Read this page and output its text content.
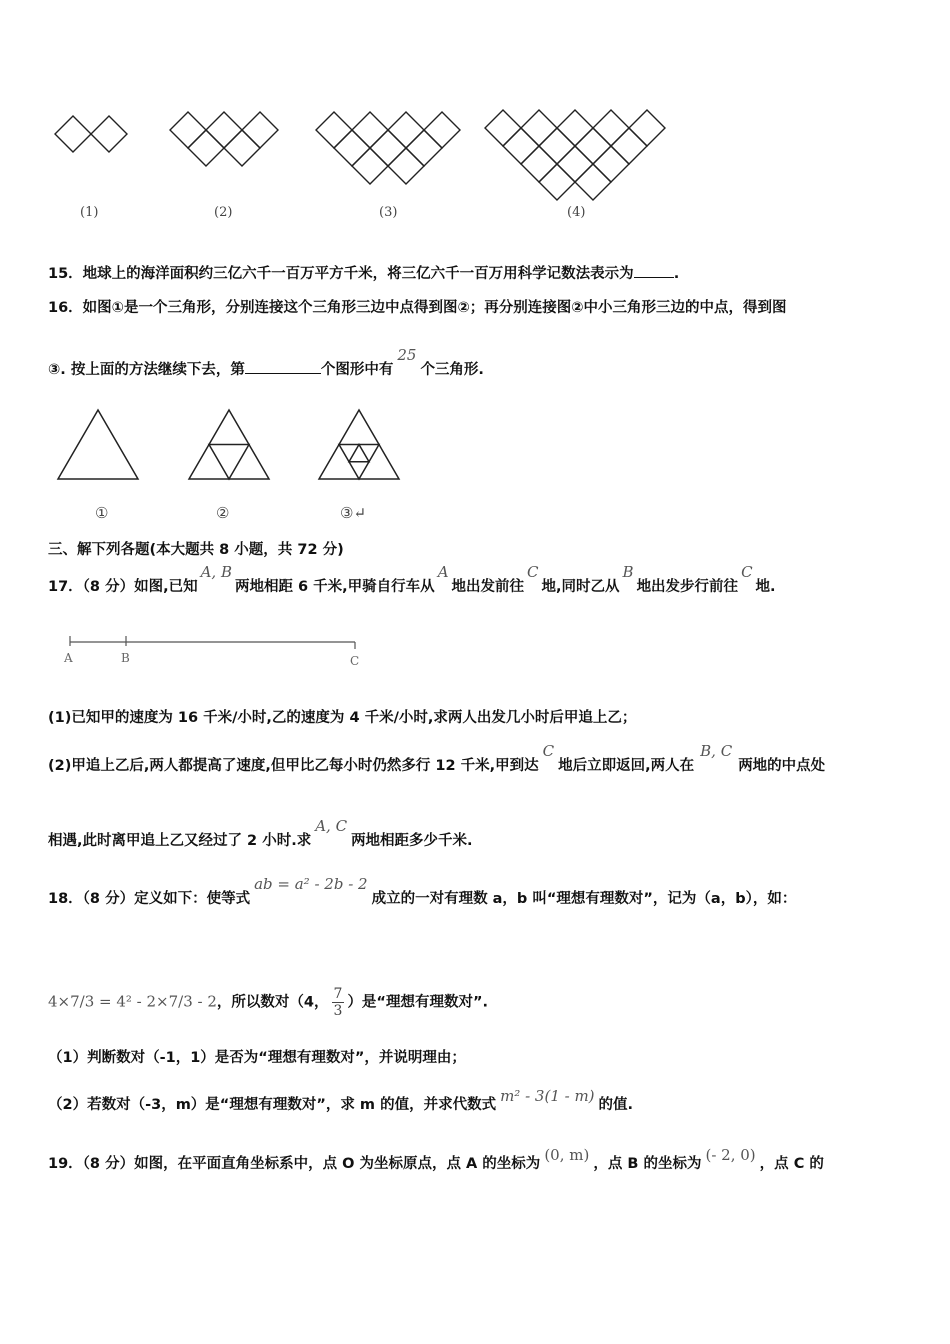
(1)	(2)	(3)	(4)
15．地球上的海洋面积约三亿六千一百万平方千米，将三亿六千一百万用科学记数法表示为	.
16．如图①是一个三角形，分别连接这个三角形三边中点得到图②；再分别连接图②中小三角形三边的中点，得到图
③. 按上面的方法继续下去，第	个图形中有25个三角形.
①	②	③↵
三、解下列各题(本大题共 8 小题，共 72 分)
17．（8 分）如图,已知A, B两地相距 6 千米,甲骑自行车从A地出发前往C地,同时乙从B地出发步行前往C地.
A	B	C
(1)已知甲的速度为 16 千米/小时,乙的速度为 4 千米/小时,求两人出发几小时后甲追上乙；
(2)甲追上乙后,两人都提高了速度,但甲比乙每小时仍然多行 12 千米,甲到达C地后立即返回,两人在B, C两地的中点处
相遇,此时离甲追上乙又经过了 2 小时.求A, C两地相距多少千米.
18．（8 分）定义如下：使等式ab = a² - 2b - 2成立的一对有理数 a，b 叫“理想有理数对”，记为（a，b），如：
4×7/3 = 4² - 2×7/3 - 2，所以数对（4， $\frac{7}{3}$ ）是“理想有理数对”.
（1）判断数对（-1，1）是否为“理想有理数对”，并说明理由；
（2）若数对（-3，m）是“理想有理数对”，求 m 的值，并求代数式 m² - 3(1 - m) 的值.
19．（8 分）如图，在平面直角坐标系中，点 O 为坐标原点，点 A 的坐标为 (0, m) ，点 B 的坐标为 (- 2, 0) ，点 C 的
